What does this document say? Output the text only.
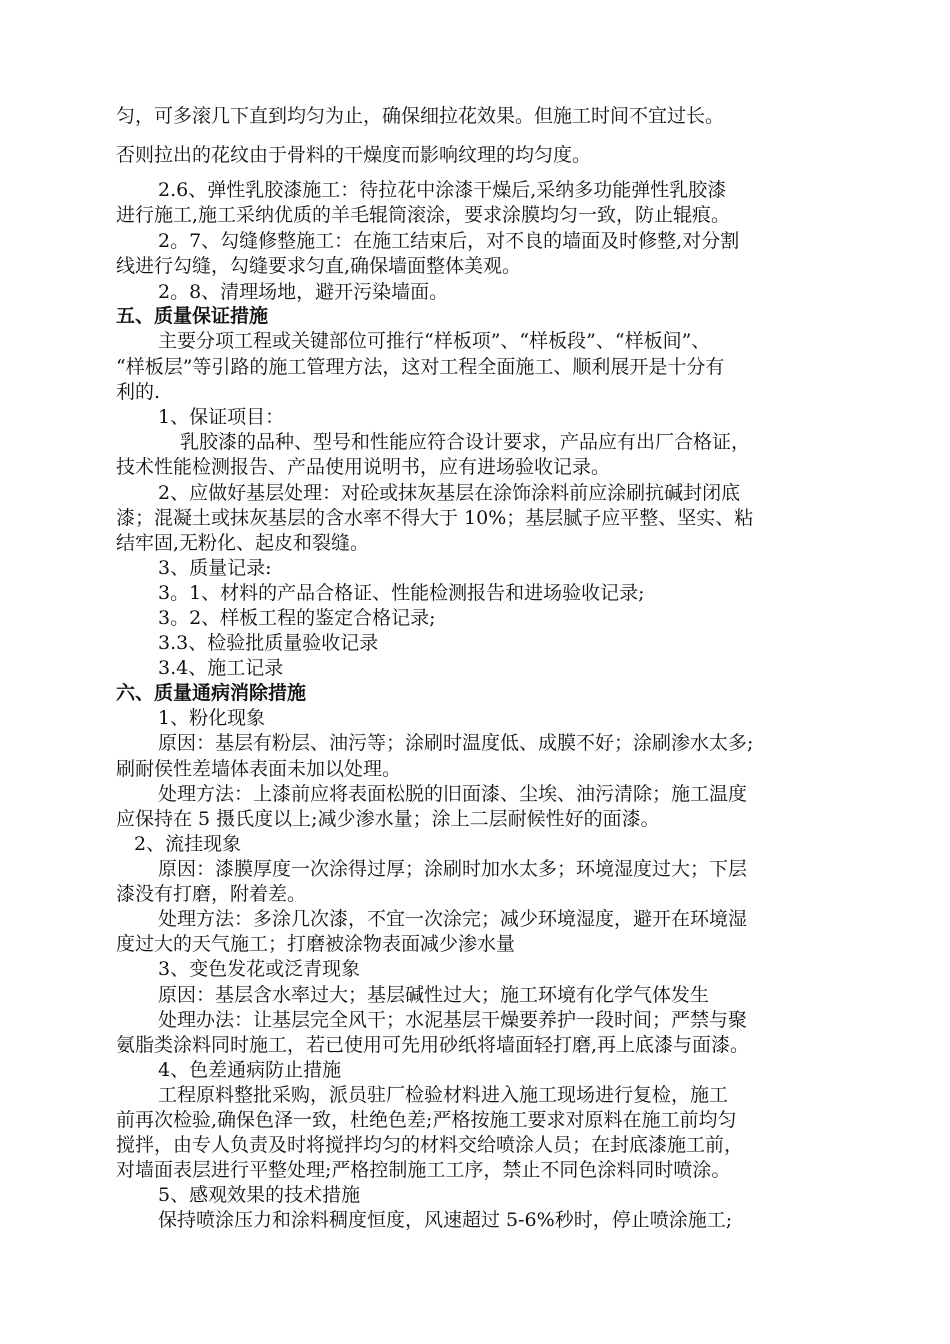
匀，可多滚几下直到均匀为止，确保细拉花效果。但施工时间不宜过长。
否则拉出的花纹由于骨料的干燥度而影响纹理的均匀度。
2.6、弹性乳胶漆施工：待拉花中涂漆干燥后,采纳多功能弹性乳胶漆
进行施工,施工采纳优质的羊毛辊筒滚涂，要求涂膜均匀一致，防止辊痕。
2。7、勾缝修整施工：在施工结束后，对不良的墙面及时修整,对分割
线进行勾缝，勾缝要求匀直,确保墙面整体美观。
2。8、清理场地，避开污染墙面。
五、质量保证措施
主要分项工程或关键部位可推行“样板项”、“样板段”、“样板间”、
“样板层”等引路的施工管理方法，这对工程全面施工、顺利展开是十分有
利的.
1、保证项目：
乳胶漆的品种、型号和性能应符合设计要求，产品应有出厂合格证，
技术性能检测报告、产品使用说明书，应有进场验收记录。
2、应做好基层处理：对砼或抹灰基层在涂饰涂料前应涂刷抗碱封闭底
漆；混凝土或抹灰基层的含水率不得大于 10%；基层腻子应平整、坚实、粘
结牢固,无粉化、起皮和裂缝。
3、质量记录:
3。1、材料的产品合格证、性能检测报告和进场验收记录;
3。2、样板工程的鉴定合格记录;
3.3、检验批质量验收记录
3.4、施工记录
六、质量通病消除措施
1、粉化现象
原因：基层有粉层、油污等；涂刷时温度低、成膜不好；涂刷渗水太多;
刷耐侯性差墙体表面未加以处理。
处理方法：上漆前应将表面松脱的旧面漆、尘埃、油污清除；施工温度
应保持在 5 摄氏度以上;减少渗水量；涂上二层耐候性好的面漆。
2、流挂现象
原因：漆膜厚度一次涂得过厚；涂刷时加水太多；环境湿度过大；下层
漆没有打磨，附着差。
处理方法：多涂几次漆，不宜一次涂完；减少环境湿度，避开在环境湿
度过大的天气施工；打磨被涂物表面减少渗水量
3、变色发花或泛青现象
原因：基层含水率过大；基层碱性过大；施工环境有化学气体发生
处理办法：让基层完全风干；水泥基层干燥要养护一段时间；严禁与聚
氨脂类涂料同时施工，若已使用可先用砂纸将墙面轻打磨,再上底漆与面漆。
4、色差通病防止措施
工程原料整批采购，派员驻厂检验材料进入施工现场进行复检，施工
前再次检验,确保色泽一致，杜绝色差;严格按施工要求对原料在施工前均匀
搅拌，由专人负责及时将搅拌均匀的材料交给喷涂人员；在封底漆施工前，
对墙面表层进行平整处理;严格控制施工工序，禁止不同色涂料同时喷涂。
5、感观效果的技术措施
保持喷涂压力和涂料稠度恒度，风速超过 5-6%秒时，停止喷涂施工;
